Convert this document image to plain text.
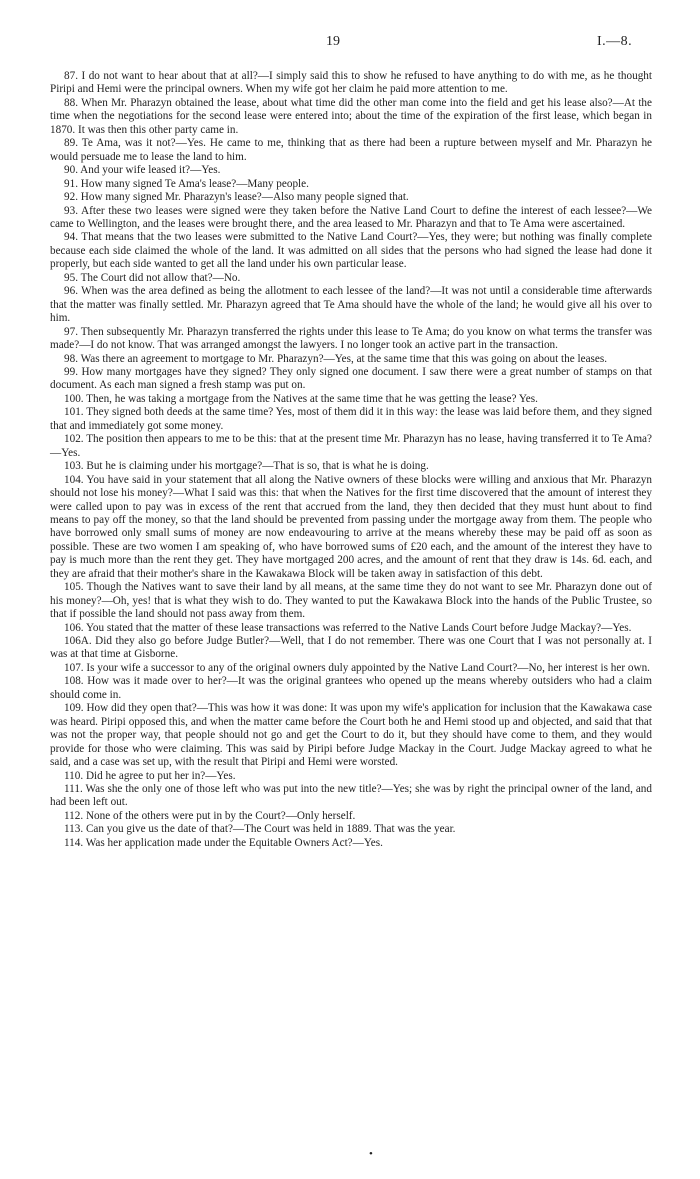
19	I.—8.

87. I do not want to hear about that at all?—I simply said this to show he refused to have anything to do with me, as he thought Piripi and Hemi were the principal owners. When my wife got her claim he paid more attention to me.

88. When Mr. Pharazyn obtained the lease, about what time did the other man come into the field and get his lease also?—At the time when the negotiations for the second lease were entered into; about the time of the expiration of the first lease, which began in 1870. It was then this other party came in.

89. Te Ama, was it not?—Yes. He came to me, thinking that as there had been a rupture between myself and Mr. Pharazyn he would persuade me to lease the land to him.

90. And your wife leased it?—Yes.

91. How many signed Te Ama's lease?—Many people.

92. How many signed Mr. Pharazyn's lease?—Also many people signed that.

93. After these two leases were signed were they taken before the Native Land Court to define the interest of each lessee?—We came to Wellington, and the leases were brought there, and the area leased to Mr. Pharazyn and that to Te Ama were ascertained.

94. That means that the two leases were submitted to the Native Land Court?—Yes, they were; but nothing was finally complete because each side claimed the whole of the land. It was admitted on all sides that the persons who had signed the lease had done it properly, but each side wanted to get all the land under his own particular lease.

95. The Court did not allow that?—No.

96. When was the area defined as being the allotment to each lessee of the land?—It was not until a considerable time afterwards that the matter was finally settled. Mr. Pharazyn agreed that Te Ama should have the whole of the land; he would give all his over to him.

97. Then subsequently Mr. Pharazyn transferred the rights under this lease to Te Ama; do you know on what terms the transfer was made?—I do not know. That was arranged amongst the lawyers. I no longer took an active part in the transaction.

98. Was there an agreement to mortgage to Mr. Pharazyn?—Yes, at the same time that this was going on about the leases.

99. How many mortgages have they signed? They only signed one document. I saw there were a great number of stamps on that document. As each man signed a fresh stamp was put on.

100. Then, he was taking a mortgage from the Natives at the same time that he was getting the lease? Yes.

101. They signed both deeds at the same time? Yes, most of them did it in this way: the lease was laid before them, and they signed that and immediately got some money.

102. The position then appears to me to be this: that at the present time Mr. Pharazyn has no lease, having transferred it to Te Ama?—Yes.

103. But he is claiming under his mortgage?—That is so, that is what he is doing.

104. You have said in your statement that all along the Native owners of these blocks were willing and anxious that Mr. Pharazyn should not lose his money?—What I said was this: that when the Natives for the first time discovered that the amount of interest they were called upon to pay was in excess of the rent that accrued from the land, they then decided that they must hunt about to find means to pay off the money, so that the land should be prevented from passing under the mortgage away from them. The people who have borrowed only small sums of money are now endeavouring to arrive at the means whereby these may be paid off as soon as possible. These are two women I am speaking of, who have borrowed sums of £20 each, and the amount of the interest they have to pay is much more than the rent they get. They have mortgaged 200 acres, and the amount of rent that they draw is 14s. 6d. each, and they are afraid that their mother's share in the Kawakawa Block will be taken away in satisfaction of this debt.

105. Though the Natives want to save their land by all means, at the same time they do not want to see Mr. Pharazyn done out of his money?—Oh, yes! that is what they wish to do. They wanted to put the Kawakawa Block into the hands of the Public Trustee, so that if possible the land should not pass away from them.

106. You stated that the matter of these lease transactions was referred to the Native Lands Court before Judge Mackay?—Yes.

106A. Did they also go before Judge Butler?—Well, that I do not remember. There was one Court that I was not personally at. I was at that time at Gisborne.

107. Is your wife a successor to any of the original owners duly appointed by the Native Land Court?—No, her interest is her own.

108. How was it made over to her?—It was the original grantees who opened up the means whereby outsiders who had a claim should come in.

109. How did they open that?—This was how it was done: It was upon my wife's application for inclusion that the Kawakawa case was heard. Piripi opposed this, and when the matter came before the Court both he and Hemi stood up and objected, and said that that was not the proper way, that people should not go and get the Court to do it, but they should have come to them, and they would provide for those who were claiming. This was said by Piripi before Judge Mackay in the Court. Judge Mackay agreed to what he said, and a case was set up, with the result that Piripi and Hemi were worsted.

110. Did he agree to put her in?—Yes.

111. Was she the only one of those left who was put into the new title?—Yes; she was by right the principal owner of the land, and had been left out.

112. None of the others were put in by the Court?—Only herself.

113. Can you give us the date of that?—The Court was held in 1889. That was the year.

114. Was her application made under the Equitable Owners Act?—Yes.

•
